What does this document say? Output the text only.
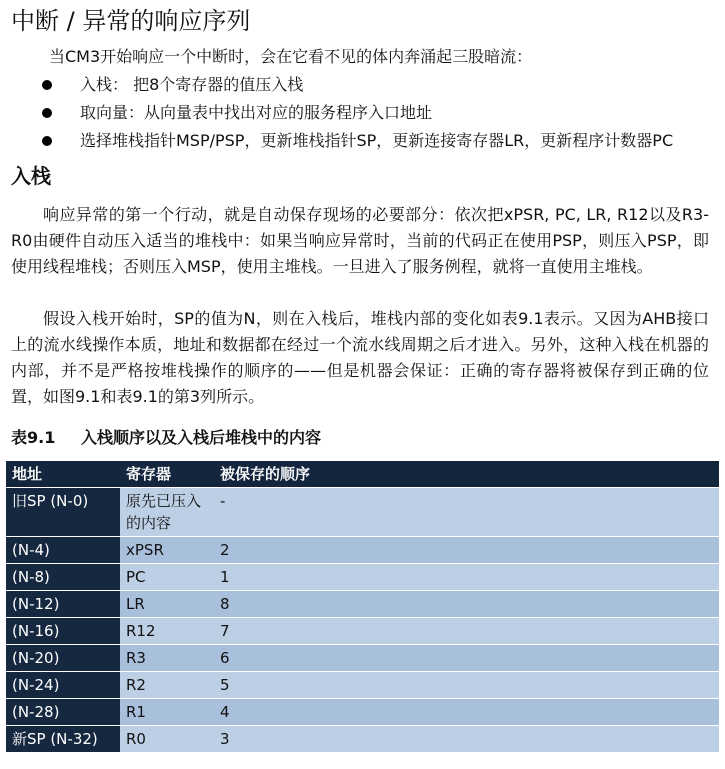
中断 / 异常的响应序列

当CM3开始响应一个中断时，会在它看不见的体内奔涌起三股暗流：

入栈： 把8个寄存器的值压入栈
取向量：从向量表中找出对应的服务程序入口地址
选择堆栈指针MSP/PSP，更新堆栈指针SP，更新连接寄存器LR，更新程序计数器PC
入栈

响应异常的第一个行动，就是自动保存现场的必要部分：依次把xPSR, PC, LR, R12以及R3-R0由硬件自动压入适当的堆栈中：如果当响应异常时，当前的代码正在使用PSP，则压入PSP，即使用线程堆栈；否则压入MSP，使用主堆栈。一旦进入了服务例程，就将一直使用主堆栈。

假设入栈开始时，SP的值为N，则在入栈后，堆栈内部的变化如表9.1表示。又因为AHB接口上的流水线操作本质，地址和数据都在经过一个流水线周期之后才进入。另外，这种入栈在机器的内部，并不是严格按堆栈操作的顺序的——但是机器会保证：正确的寄存器将被保存到正确的位置，如图9.1和表9.1的第3列所示。

表9.1 入栈顺序以及入栈后堆栈中的内容

地址	寄存器	被保存的顺序
旧SP (N-0)	原先已压入的内容	-
(N-4)	xPSR	2
(N-8)	PC	1
(N-12)	LR	8
(N-16)	R12	7
(N-20)	R3	6
(N-24)	R2	5
(N-28)	R1	4
新SP (N-32)	R0	3
